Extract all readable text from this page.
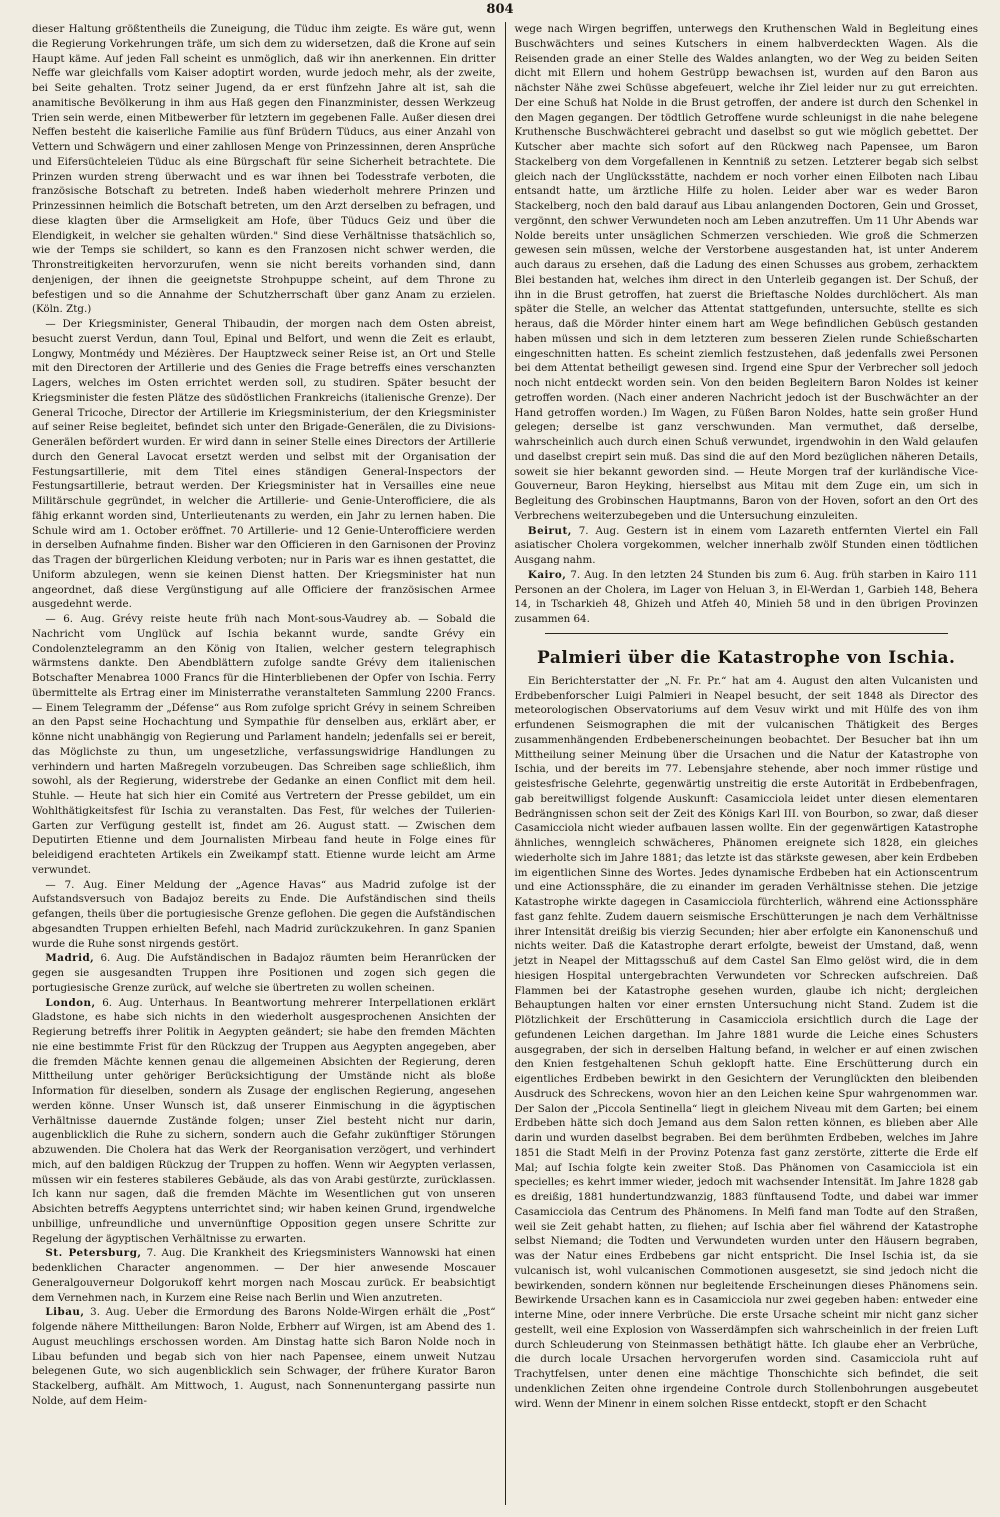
804

dieser Haltung größtentheils die Zuneigung, die Tüduc ihm zeigte. Es wäre gut, wenn die Regierung Vorkehrungen träfe, um sich dem zu widersetzen, daß die Krone auf sein Haupt käme. Auf jeden Fall scheint es unmöglich, daß wir ihn anerkennen. Ein dritter Neffe war gleichfalls vom Kaiser adoptirt worden, wurde jedoch mehr, als der zweite, bei Seite gehalten. Trotz seiner Jugend, da er erst fünfzehn Jahre alt ist, sah die anamitische Bevölkerung in ihm aus Haß gegen den Finanzminister, dessen Werkzeug Trien sein werde, einen Mitbewerber für letztern im gegebenen Falle. Außer diesen drei Neffen besteht die kaiserliche Familie aus fünf Brüdern Tüducs, aus einer Anzahl von Vettern und Schwägern und einer zahllosen Menge von Prinzessinnen, deren Ansprüche und Eifersüchteleien Tüduc als eine Bürgschaft für seine Sicherheit betrachtete. Die Prinzen wurden streng überwacht und es war ihnen bei Todesstrafe verboten, die französische Botschaft zu betreten. Indeß haben wiederholt mehrere Prinzen und Prinzessinnen heimlich die Botschaft betreten, um den Arzt derselben zu befragen, und diese klagten über die Armseligkeit am Hofe, über Tüducs Geiz und über die Elendigkeit, in welcher sie gehalten würden." Sind diese Verhältnisse thatsächlich so, wie der Temps sie schildert, so kann es den Franzosen nicht schwer werden, die Thronstreitigkeiten hervorzurufen, wenn sie nicht bereits vorhanden sind, dann denjenigen, der ihnen die geeignetste Strohpuppe scheint, auf dem Throne zu befestigen und so die Annahme der Schutzherrschaft über ganz Anam zu erzielen. (Köln. Ztg.)

— Der Kriegsminister, General Thibaudin, der morgen nach dem Osten abreist, besucht zuerst Verdun, dann Toul, Epinal und Belfort, und wenn die Zeit es erlaubt, Longwy, Montmédy und Mézières. Der Hauptzweck seiner Reise ist, an Ort und Stelle mit den Directoren der Artillerie und des Genies die Frage betreffs eines verschanzten Lagers, welches im Osten errichtet werden soll, zu studiren. Später besucht der Kriegsminister die festen Plätze des südöstlichen Frankreichs (italienische Grenze). Der General Tricoche, Director der Artillerie im Kriegsministerium, der den Kriegsminister auf seiner Reise begleitet, befindet sich unter den Brigade-Generälen, die zu Divisions-Generälen befördert wurden. Er wird dann in seiner Stelle eines Directors der Artillerie durch den General Lavocat ersetzt werden und selbst mit der Organisation der Festungsartillerie, mit dem Titel eines ständigen General-Inspectors der Festungsartillerie, betraut werden. Der Kriegsminister hat in Versailles eine neue Militärschule gegründet, in welcher die Artillerie- und Genie-Unterofficiere, die als fähig erkannt worden sind, Unterlieutenants zu werden, ein Jahr zu lernen haben. Die Schule wird am 1. October eröffnet. 70 Artillerie- und 12 Genie-Unterofficiere werden in derselben Aufnahme finden. Bisher war den Officieren in den Garnisonen der Provinz das Tragen der bürgerlichen Kleidung verboten; nur in Paris war es ihnen gestattet, die Uniform abzulegen, wenn sie keinen Dienst hatten. Der Kriegsminister hat nun angeordnet, daß diese Vergünstigung auf alle Officiere der französischen Armee ausgedehnt werde.

— 6. Aug. Grévy reiste heute früh nach Mont-sous-Vaudrey ab. — Sobald die Nachricht vom Unglück auf Ischia bekannt wurde, sandte Grévy ein Condolenztelegramm an den König von Italien, welcher gestern telegraphisch wärmstens dankte. Den Abendblättern zufolge sandte Grévy dem italienischen Botschafter Menabrea 1000 Francs für die Hinterbliebenen der Opfer von Ischia. Ferry übermittelte als Ertrag einer im Ministerrathe veranstalteten Sammlung 2200 Francs. — Einem Telegramm der „Défense“ aus Rom zufolge spricht Grévy in seinem Schreiben an den Papst seine Hochachtung und Sympathie für denselben aus, erklärt aber, er könne nicht unabhängig von Regierung und Parlament handeln; jedenfalls sei er bereit, das Möglichste zu thun, um ungesetzliche, verfassungswidrige Handlungen zu verhindern und harten Maßregeln vorzubeugen. Das Schreiben sage schließlich, ihm sowohl, als der Regierung, widerstrebe der Gedanke an einen Conflict mit dem heil. Stuhle. — Heute hat sich hier ein Comité aus Vertretern der Presse gebildet, um ein Wohlthätigkeitsfest für Ischia zu veranstalten. Das Fest, für welches der Tuilerien-Garten zur Verfügung gestellt ist, findet am 26. August statt. — Zwischen dem Deputirten Etienne und dem Journalisten Mirbeau fand heute in Folge eines für beleidigend erachteten Artikels ein Zweikampf statt. Etienne wurde leicht am Arme verwundet.

— 7. Aug. Einer Meldung der „Agence Havas“ aus Madrid zufolge ist der Aufstandsversuch von Badajoz bereits zu Ende. Die Aufständischen sind theils gefangen, theils über die portugiesische Grenze geflohen. Die gegen die Aufständischen abgesandten Truppen erhielten Befehl, nach Madrid zurückzukehren. In ganz Spanien wurde die Ruhe sonst nirgends gestört.

Madrid, 6. Aug. Die Aufständischen in Badajoz räumten beim Heranrücken der gegen sie ausgesandten Truppen ihre Positionen und zogen sich gegen die portugiesische Grenze zurück, auf welche sie übertreten zu wollen scheinen.

London, 6. Aug. Unterhaus. In Beantwortung mehrerer Interpellationen erklärt Gladstone, es habe sich nichts in den wiederholt ausgesprochenen Ansichten der Regierung betreffs ihrer Politik in Aegypten geändert; sie habe den fremden Mächten nie eine bestimmte Frist für den Rückzug der Truppen aus Aegypten angegeben, aber die fremden Mächte kennen genau die allgemeinen Absichten der Regierung, deren Mittheilung unter gehöriger Berücksichtigung der Umstände nicht als bloße Information für dieselben, sondern als Zusage der englischen Regierung, angesehen werden könne. Unser Wunsch ist, daß unserer Einmischung in die ägyptischen Verhältnisse dauernde Zustände folgen; unser Ziel besteht nicht nur darin, augenblicklich die Ruhe zu sichern, sondern auch die Gefahr zukünftiger Störungen abzuwenden. Die Cholera hat das Werk der Reorganisation verzögert, und verhindert mich, auf den baldigen Rückzug der Truppen zu hoffen. Wenn wir Aegypten verlassen, müssen wir ein festeres stabileres Gebäude, als das von Arabi gestürzte, zurücklassen. Ich kann nur sagen, daß die fremden Mächte im Wesentlichen gut von unseren Absichten betreffs Aegyptens unterrichtet sind; wir haben keinen Grund, irgendwelche unbillige, unfreundliche und unvernünftige Opposition gegen unsere Schritte zur Regelung der ägyptischen Verhältnisse zu erwarten.

St. Petersburg, 7. Aug. Die Krankheit des Kriegsministers Wannowski hat einen bedenklichen Character angenommen. — Der hier anwesende Moscauer Generalgouverneur Dolgorukoff kehrt morgen nach Moscau zurück. Er beabsichtigt dem Vernehmen nach, in Kurzem eine Reise nach Berlin und Wien anzutreten.

Libau, 3. Aug. Ueber die Ermordung des Barons Nolde-Wirgen erhält die „Post“ folgende nähere Mittheilungen: Baron Nolde, Erbherr auf Wirgen, ist am Abend des 1. August meuchlings erschossen worden. Am Dinstag hatte sich Baron Nolde noch in Libau befunden und begab sich von hier nach Papensee, einem unweit Nutzau belegenen Gute, wo sich augenblicklich sein Schwager, der frühere Kurator Baron Stackelberg, aufhält. Am Mittwoch, 1. August, nach Sonnenuntergang passirte nun Nolde, auf dem Heim-

wege nach Wirgen begriffen, unterwegs den Kruthenschen Wald in Begleitung eines Buschwächters und seines Kutschers in einem halbverdeckten Wagen. Als die Reisenden grade an einer Stelle des Waldes anlangten, wo der Weg zu beiden Seiten dicht mit Ellern und hohem Gestrüpp bewachsen ist, wurden auf den Baron aus nächster Nähe zwei Schüsse abgefeuert, welche ihr Ziel leider nur zu gut erreichten. Der eine Schuß hat Nolde in die Brust getroffen, der andere ist durch den Schenkel in den Magen gegangen. Der tödtlich Getroffene wurde schleunigst in die nahe belegene Kruthensche Buschwächterei gebracht und daselbst so gut wie möglich gebettet. Der Kutscher aber machte sich sofort auf den Rückweg nach Papensee, um Baron Stackelberg von dem Vorgefallenen in Kenntniß zu setzen. Letzterer begab sich selbst gleich nach der Unglücksstätte, nachdem er noch vorher einen Eilboten nach Libau entsandt hatte, um ärztliche Hilfe zu holen. Leider aber war es weder Baron Stackelberg, noch den bald darauf aus Libau anlangenden Doctoren, Gein und Grosset, vergönnt, den schwer Verwundeten noch am Leben anzutreffen. Um 11 Uhr Abends war Nolde bereits unter unsäglichen Schmerzen verschieden. Wie groß die Schmerzen gewesen sein müssen, welche der Verstorbene ausgestanden hat, ist unter Anderem auch daraus zu ersehen, daß die Ladung des einen Schusses aus grobem, zerhacktem Blei bestanden hat, welches ihm direct in den Unterleib gegangen ist. Der Schuß, der ihn in die Brust getroffen, hat zuerst die Brieftasche Noldes durchlöchert. Als man später die Stelle, an welcher das Attentat stattgefunden, untersuchte, stellte es sich heraus, daß die Mörder hinter einem hart am Wege befindlichen Gebüsch gestanden haben müssen und sich in dem letzteren zum besseren Zielen runde Schießscharten eingeschnitten hatten. Es scheint ziemlich festzustehen, daß jedenfalls zwei Personen bei dem Attentat betheiligt gewesen sind. Irgend eine Spur der Verbrecher soll jedoch noch nicht entdeckt worden sein. Von den beiden Begleitern Baron Noldes ist keiner getroffen worden. (Nach einer anderen Nachricht jedoch ist der Buschwächter an der Hand getroffen worden.) Im Wagen, zu Füßen Baron Noldes, hatte sein großer Hund gelegen; derselbe ist ganz verschwunden. Man vermuthet, daß derselbe, wahrscheinlich auch durch einen Schuß verwundet, irgendwohin in den Wald gelaufen und daselbst crepirt sein muß. Das sind die auf den Mord bezüglichen näheren Details, soweit sie hier bekannt geworden sind. — Heute Morgen traf der kurländische Vice-Gouverneur, Baron Heyking, hierselbst aus Mitau mit dem Zuge ein, um sich in Begleitung des Grobinschen Hauptmanns, Baron von der Hoven, sofort an den Ort des Verbrechens weiterzubegeben und die Untersuchung einzuleiten.

Beirut, 7. Aug. Gestern ist in einem vom Lazareth entfernten Viertel ein Fall asiatischer Cholera vorgekommen, welcher innerhalb zwölf Stunden einen tödtlichen Ausgang nahm.

Kairo, 7. Aug. In den letzten 24 Stunden bis zum 6. Aug. früh starben in Kairo 111 Personen an der Cholera, im Lager von Heluan 3, in El-Werdan 1, Garbieh 148, Behera 14, in Tscharkieh 48, Ghizeh und Atfeh 40, Minieh 58 und in den übrigen Provinzen zusammen 64.

Palmieri über die Katastrophe von Ischia.

Ein Berichterstatter der „N. Fr. Pr.“ hat am 4. August den alten Vulcanisten und Erdbebenforscher Luigi Palmieri in Neapel besucht, der seit 1848 als Director des meteorologischen Observatoriums auf dem Vesuv wirkt und mit Hülfe des von ihm erfundenen Seismographen die mit der vulcanischen Thätigkeit des Berges zusammenhängenden Erdbebenerscheinungen beobachtet. Der Besucher bat ihn um Mittheilung seiner Meinung über die Ursachen und die Natur der Katastrophe von Ischia, und der bereits im 77. Lebensjahre stehende, aber noch immer rüstige und geistesfrische Gelehrte, gegenwärtig unstreitig die erste Autorität in Erdbebenfragen, gab bereitwilligst folgende Auskunft: Casamicciola leidet unter diesen elementaren Bedrängnissen schon seit der Zeit des Königs Karl III. von Bourbon, so zwar, daß dieser Casamicciola nicht wieder aufbauen lassen wollte. Ein der gegenwärtigen Katastrophe ähnliches, wenngleich schwächeres, Phänomen ereignete sich 1828, ein gleiches wiederholte sich im Jahre 1881; das letzte ist das stärkste gewesen, aber kein Erdbeben im eigentlichen Sinne des Wortes. Jedes dynamische Erdbeben hat ein Actionscentrum und eine Actionssphäre, die zu einander im geraden Verhältnisse stehen. Die jetzige Katastrophe wirkte dagegen in Casamicciola fürchterlich, während eine Actionssphäre fast ganz fehlte. Zudem dauern seismische Erschütterungen je nach dem Verhältnisse ihrer Intensität dreißig bis vierzig Secunden; hier aber erfolgte ein Kanonenschuß und nichts weiter. Daß die Katastrophe derart erfolgte, beweist der Umstand, daß, wenn jetzt in Neapel der Mittagsschuß auf dem Castel San Elmo gelöst wird, die in dem hiesigen Hospital untergebrachten Verwundeten vor Schrecken aufschreien. Daß Flammen bei der Katastrophe gesehen wurden, glaube ich nicht; dergleichen Behauptungen halten vor einer ernsten Untersuchung nicht Stand. Zudem ist die Plötzlichkeit der Erschütterung in Casamicciola ersichtlich durch die Lage der gefundenen Leichen dargethan. Im Jahre 1881 wurde die Leiche eines Schusters ausgegraben, der sich in derselben Haltung befand, in welcher er auf einen zwischen den Knien festgehaltenen Schuh geklopft hatte. Eine Erschütterung durch ein eigentliches Erdbeben bewirkt in den Gesichtern der Verunglückten den bleibenden Ausdruck des Schreckens, wovon hier an den Leichen keine Spur wahrgenommen war. Der Salon der „Piccola Sentinella“ liegt in gleichem Niveau mit dem Garten; bei einem Erdbeben hätte sich doch Jemand aus dem Salon retten können, es blieben aber Alle darin und wurden daselbst begraben. Bei dem berühmten Erdbeben, welches im Jahre 1851 die Stadt Melfi in der Provinz Potenza fast ganz zerstörte, zitterte die Erde elf Mal; auf Ischia folgte kein zweiter Stoß. Das Phänomen von Casamicciola ist ein specielles; es kehrt immer wieder, jedoch mit wachsender Intensität. Im Jahre 1828 gab es dreißig, 1881 hundertundzwanzig, 1883 fünftausend Todte, und dabei war immer Casamicciola das Centrum des Phänomens. In Melfi fand man Todte auf den Straßen, weil sie Zeit gehabt hatten, zu fliehen; auf Ischia aber fiel während der Katastrophe selbst Niemand; die Todten und Verwundeten wurden unter den Häusern begraben, was der Natur eines Erdbebens gar nicht entspricht. Die Insel Ischia ist, da sie vulcanisch ist, wohl vulcanischen Commotionen ausgesetzt, sie sind jedoch nicht die bewirkenden, sondern können nur begleitende Erscheinungen dieses Phänomens sein. Bewirkende Ursachen kann es in Casamicciola nur zwei gegeben haben: entweder eine interne Mine, oder innere Verbrüche. Die erste Ursache scheint mir nicht ganz sicher gestellt, weil eine Explosion von Wasserdämpfen sich wahrscheinlich in der freien Luft durch Schleuderung von Steinmassen bethätigt hätte. Ich glaube eher an Verbrüche, die durch locale Ursachen hervorgerufen worden sind. Casamicciola ruht auf Trachytfelsen, unter denen eine mächtige Thonschichte sich befindet, die seit undenklichen Zeiten ohne irgendeine Controle durch Stollenbohrungen ausgebeutet wird. Wenn der Minenr in einem solchen Risse entdeckt, stopft er den Schacht
